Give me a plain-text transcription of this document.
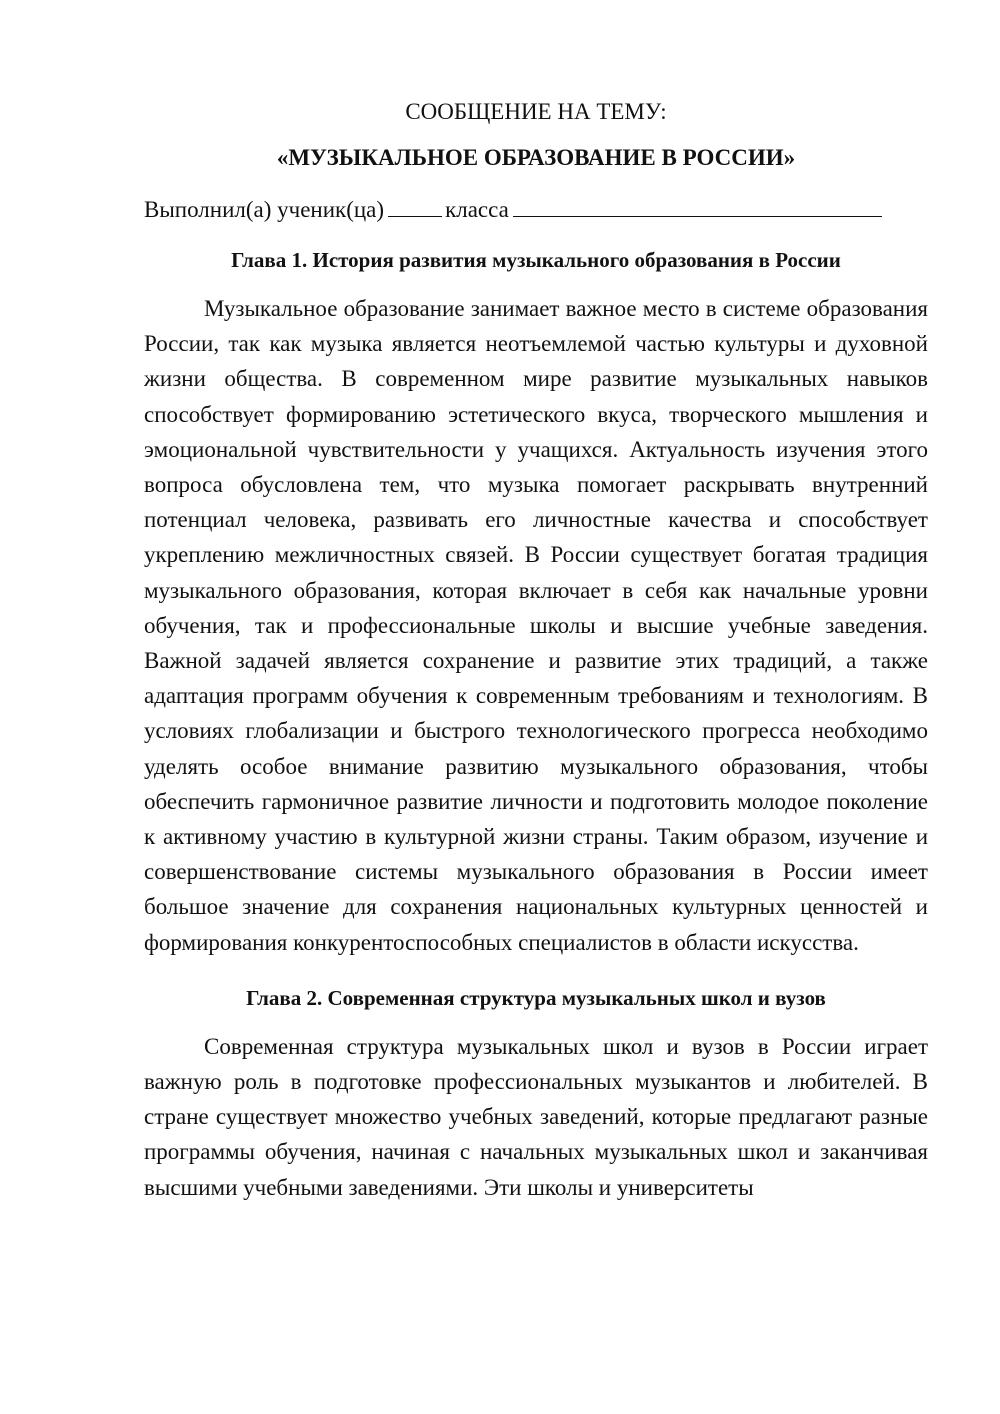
СООБЩЕНИЕ НА ТЕМУ:

«МУЗЫКАЛЬНОЕ ОБРАЗОВАНИЕ В РОССИИ»

Выполнил(а) ученик(ца)	класса

Глава 1. История развития музыкального образования в России

Музыкальное образование занимает важное место в системе образования России, так как музыка является неотъемлемой частью культуры и духовной жизни общества. В современном мире развитие музыкальных навыков способствует формированию эстетического вкуса, творческого мышления и эмоциональной чувствительности у учащихся. Актуальность изучения этого вопроса обусловлена тем, что музыка помогает раскрывать внутренний потенциал человека, развивать его личностные качества и способствует укреплению межличностных связей. В России существует богатая традиция музыкального образования, которая включает в себя как начальные уровни обучения, так и профессиональные школы и высшие учебные заведения. Важной задачей является сохранение и развитие этих традиций, а также адаптация программ обучения к современным требованиям и технологиям. В условиях глобализации и быстрого технологического прогресса необходимо уделять особое внимание развитию музыкального образования, чтобы обеспечить гармоничное развитие личности и подготовить молодое поколение к активному участию в культурной жизни страны. Таким образом, изучение и совершенствование системы музыкального образования в России имеет большое значение для сохранения национальных культурных ценностей и формирования конкурентоспособных специалистов в области искусства.

Глава 2. Современная структура музыкальных школ и вузов

Современная структура музыкальных школ и вузов в России играет важную роль в подготовке профессиональных музыкантов и любителей. В стране существует множество учебных заведений, которые предлагают разные программы обучения, начиная с начальных музыкальных школ и заканчивая высшими учебными заведениями. Эти школы и университеты
